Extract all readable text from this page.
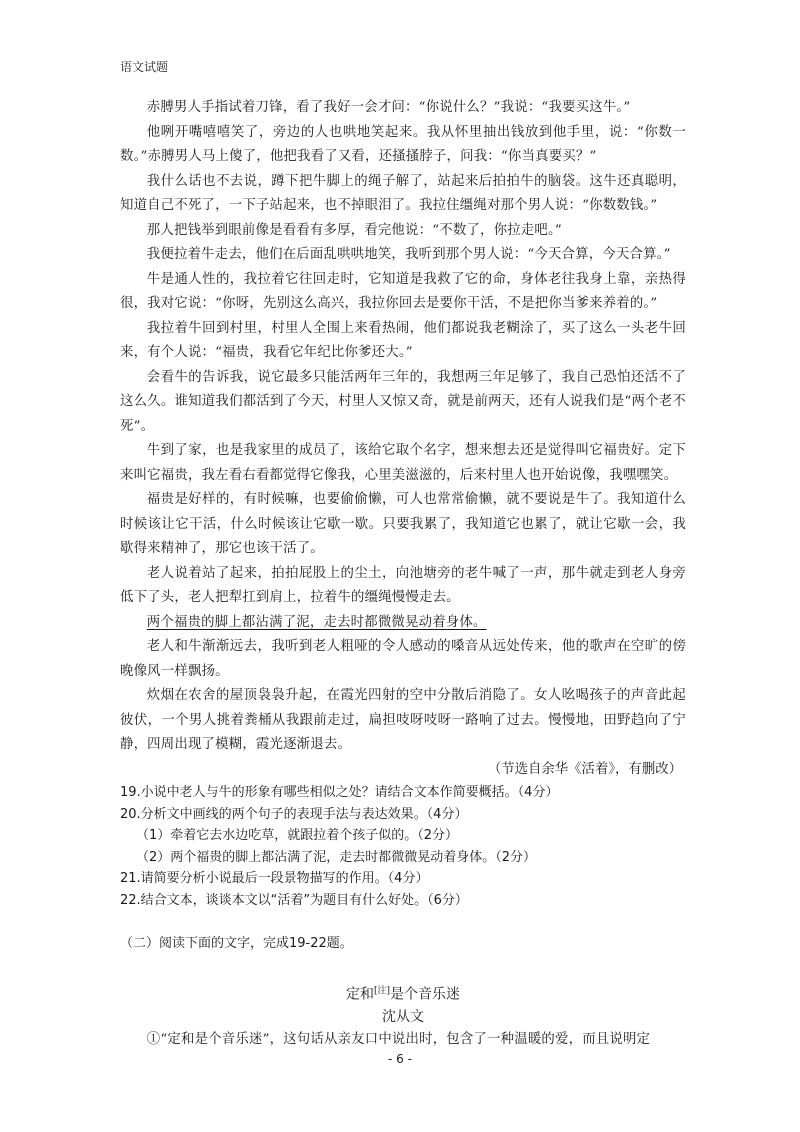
语文试题

赤膊男人手指试着刀锋，看了我好一会才问：“你说什么？”我说：“我要买这牛。”

他咧开嘴嘻嘻笑了，旁边的人也哄地笑起来。我从怀里抽出钱放到他手里，说：“你数一数。”赤膊男人马上傻了，他把我看了又看，还搔搔脖子，问我：“你当真要买？”

我什么话也不去说，蹲下把牛脚上的绳子解了，站起来后拍拍牛的脑袋。这牛还真聪明，知道自己不死了，一下子站起来，也不掉眼泪了。我拉住缰绳对那个男人说：“你数数钱。”

那人把钱举到眼前像是看看有多厚，看完他说：“不数了，你拉走吧。”

我便拉着牛走去，他们在后面乱哄哄地笑，我听到那个男人说：“今天合算，今天合算。”

牛是通人性的，我拉着它往回走时，它知道是我救了它的命，身体老往我身上靠，亲热得很，我对它说：“你呀，先别这么高兴，我拉你回去是要你干活，不是把你当爹来养着的。”

我拉着牛回到村里，村里人全围上来看热闹，他们都说我老糊涂了，买了这么一头老牛回来，有个人说：“福贵，我看它年纪比你爹还大。”

会看牛的告诉我，说它最多只能活两年三年的，我想两三年足够了，我自己恐怕还活不了这么久。谁知道我们都活到了今天，村里人又惊又奇，就是前两天，还有人说我们是“两个老不死”。

牛到了家，也是我家里的成员了，该给它取个名字，想来想去还是觉得叫它福贵好。定下来叫它福贵，我左看右看都觉得它像我，心里美滋滋的，后来村里人也开始说像，我嘿嘿笑。

福贵是好样的，有时候嘛，也要偷偷懒，可人也常常偷懒，就不要说是牛了。我知道什么时候该让它干活，什么时候该让它歇一歇。只要我累了，我知道它也累了，就让它歇一会，我歇得来精神了，那它也该干活了。

老人说着站了起来，拍拍屁股上的尘土，向池塘旁的老牛喊了一声，那牛就走到老人身旁低下了头，老人把犁扛到肩上，拉着牛的缰绳慢慢走去。

两个福贵的脚上都沾满了泥，走去时都微微晃动着身体。

老人和牛渐渐远去，我听到老人粗哑的令人感动的嗓音从远处传来，他的歌声在空旷的傍晚像风一样飘扬。

炊烟在农舍的屋顶袅袅升起，在霞光四射的空中分散后消隐了。女人吆喝孩子的声音此起彼伏，一个男人挑着粪桶从我跟前走过，扁担吱呀吱呀一路响了过去。慢慢地，田野趋向了宁静，四周出现了模糊，霞光逐渐退去。

（节选自余华《活着》，有删改）

19.小说中老人与牛的形象有哪些相似之处？请结合文本作简要概括。（4分）

20.分析文中画线的两个句子的表现手法与表达效果。（4分）

（1）牵着它去水边吃草，就跟拉着个孩子似的。（2分）

（2）两个福贵的脚上都沾满了泥，走去时都微微晃动着身体。（2分）

21.请简要分析小说最后一段景物描写的作用。（4分）

22.结合文本，谈谈本文以“活着”为题目有什么好处。（6分）

（二）阅读下面的文字，完成19-22题。

定和[注]是个音乐迷

沈从文

①“定和是个音乐迷”，这句话从亲友口中说出时，包含了一种温暖的爱，而且说明定

- 6 -
